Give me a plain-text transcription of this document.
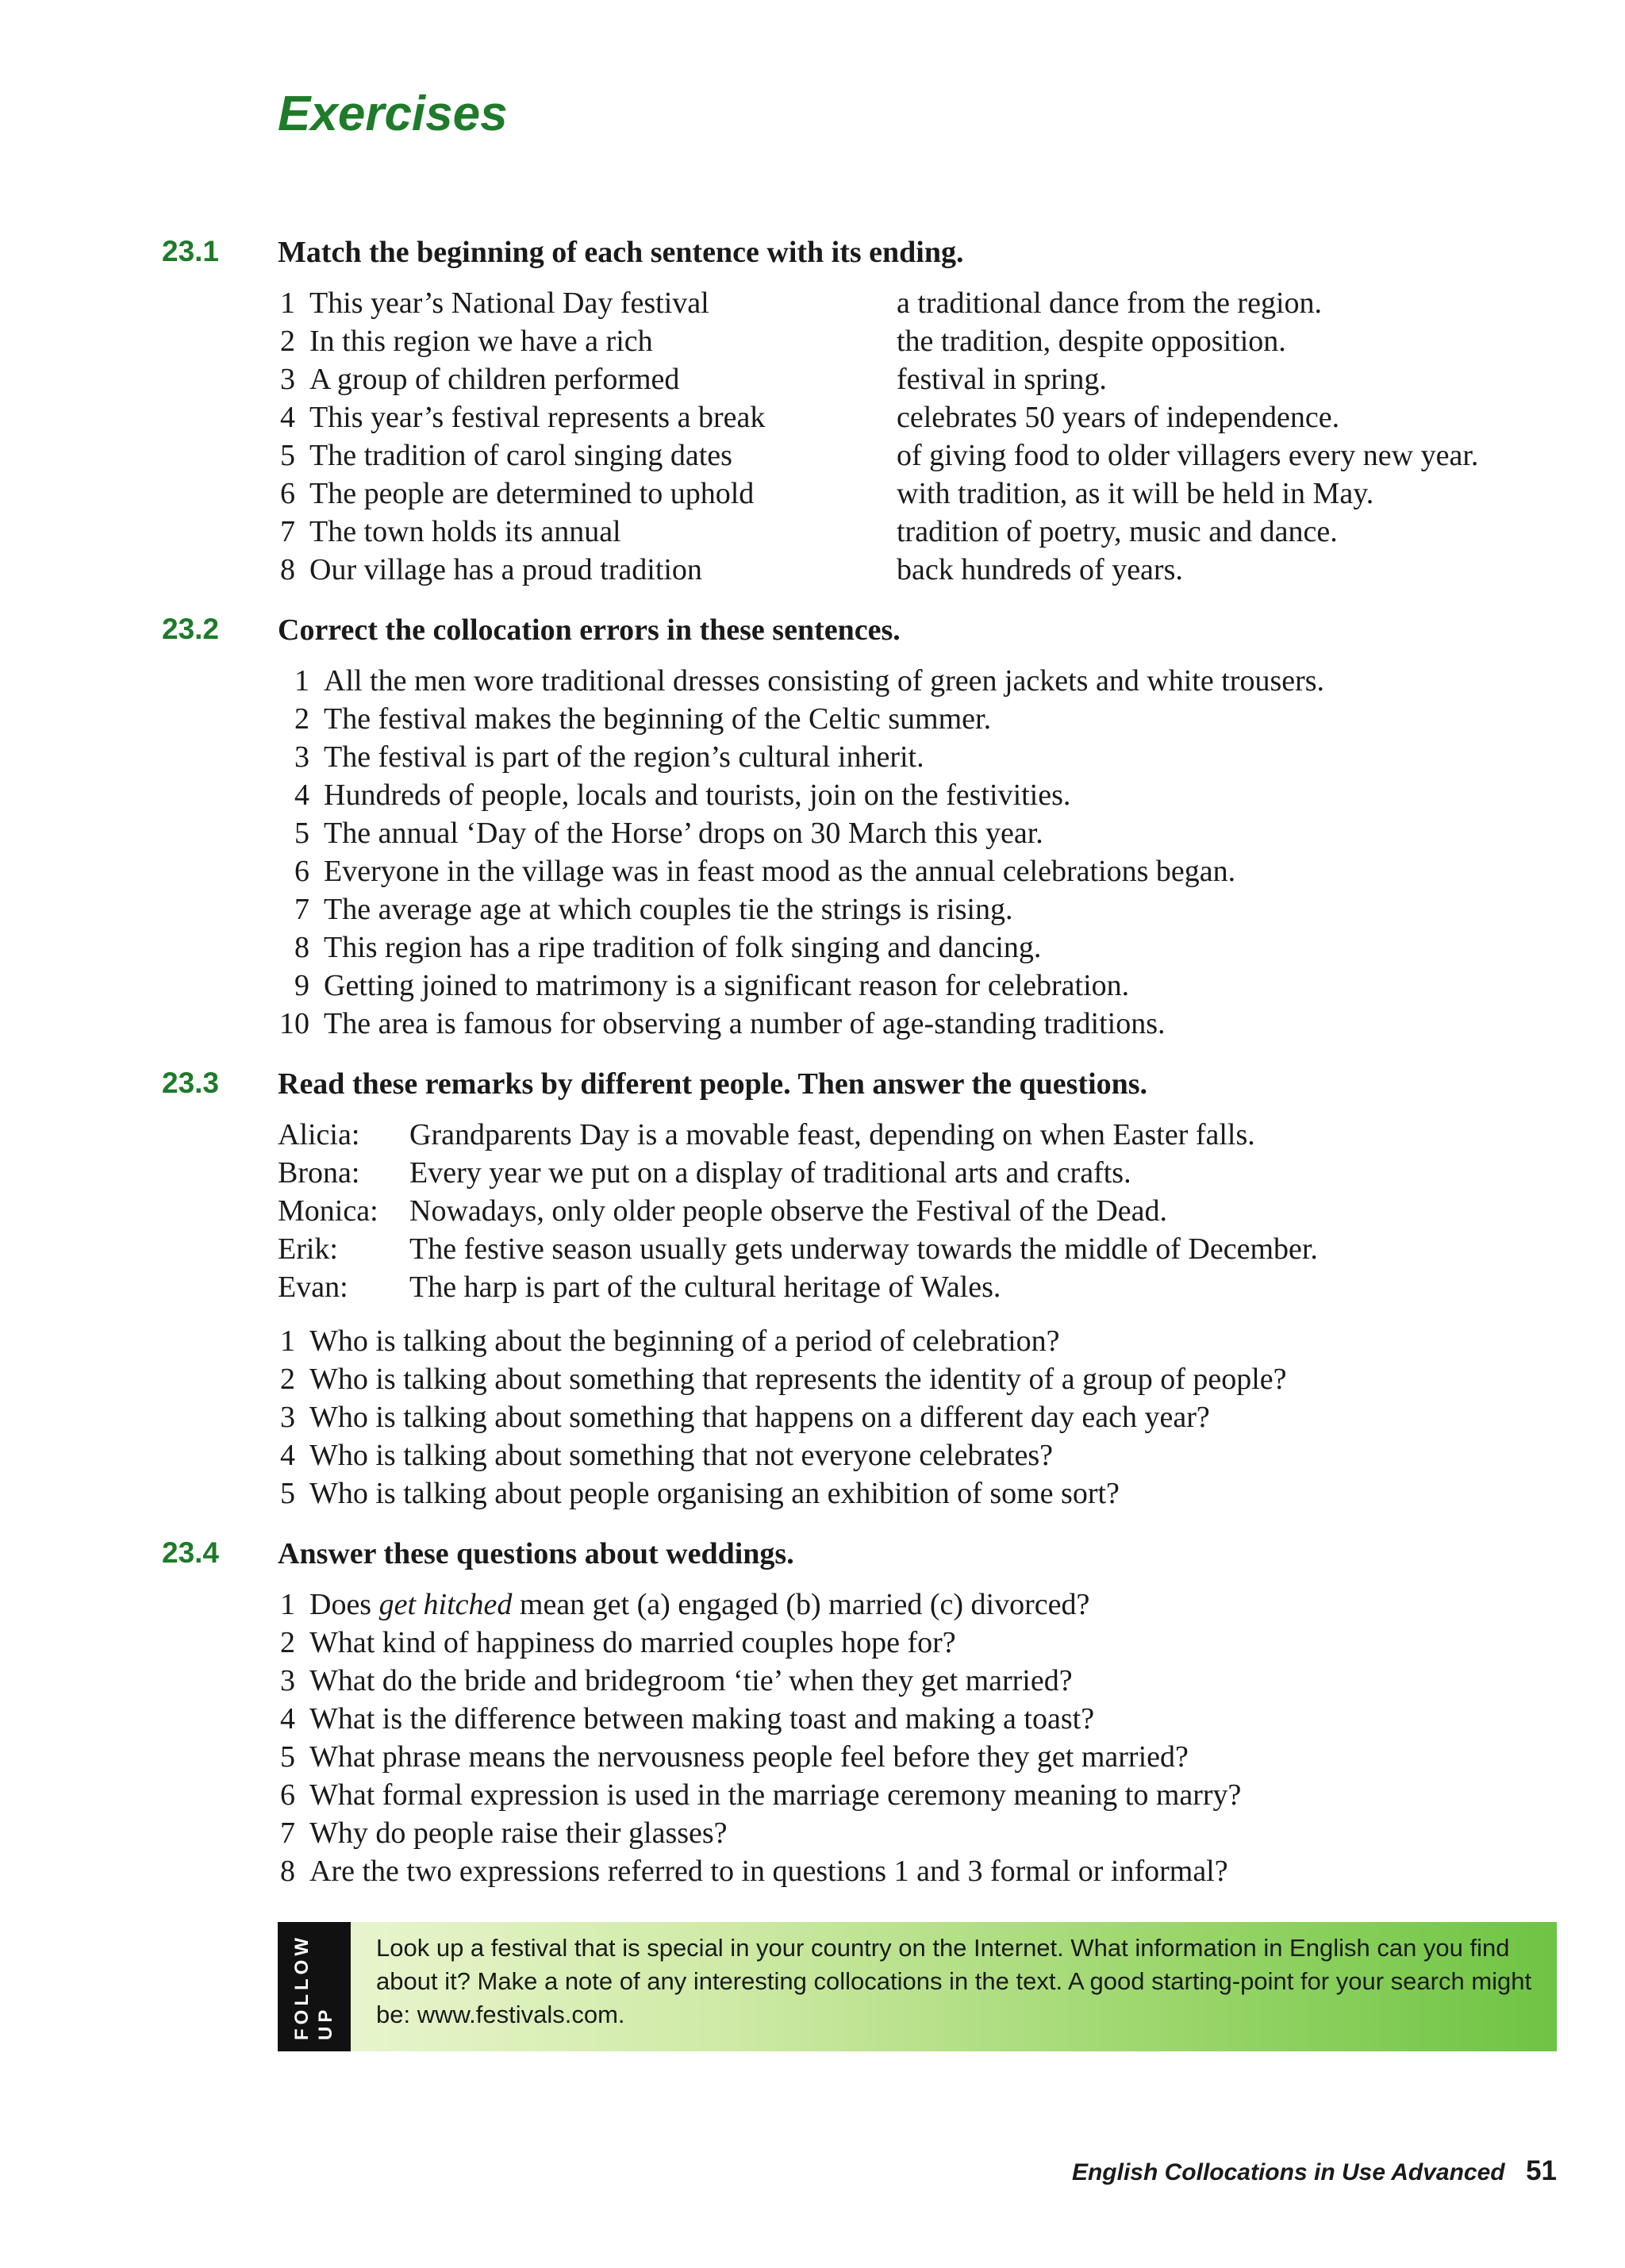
Exercises
23.1 Match the beginning of each sentence with its ending.
1 This year’s National Day festival
2 In this region we have a rich
3 A group of children performed
4 This year’s festival represents a break
5 The tradition of carol singing dates
6 The people are determined to uphold
7 The town holds its annual
8 Our village has a proud tradition
a traditional dance from the region.
the tradition, despite opposition.
festival in spring.
celebrates 50 years of independence.
of giving food to older villagers every new year.
with tradition, as it will be held in May.
tradition of poetry, music and dance.
back hundreds of years.
23.2 Correct the collocation errors in these sentences.
1 All the men wore traditional dresses consisting of green jackets and white trousers.
2 The festival makes the beginning of the Celtic summer.
3 The festival is part of the region’s cultural inherit.
4 Hundreds of people, locals and tourists, join on the festivities.
5 The annual ‘Day of the Horse’ drops on 30 March this year.
6 Everyone in the village was in feast mood as the annual celebrations began.
7 The average age at which couples tie the strings is rising.
8 This region has a ripe tradition of folk singing and dancing.
9 Getting joined to matrimony is a significant reason for celebration.
10 The area is famous for observing a number of age-standing traditions.
23.3 Read these remarks by different people. Then answer the questions.
Alicia: Grandparents Day is a movable feast, depending on when Easter falls.
Brona: Every year we put on a display of traditional arts and crafts.
Monica: Nowadays, only older people observe the Festival of the Dead.
Erik: The festive season usually gets underway towards the middle of December.
Evan: The harp is part of the cultural heritage of Wales.
1 Who is talking about the beginning of a period of celebration?
2 Who is talking about something that represents the identity of a group of people?
3 Who is talking about something that happens on a different day each year?
4 Who is talking about something that not everyone celebrates?
5 Who is talking about people organising an exhibition of some sort?
23.4 Answer these questions about weddings.
1 Does get hitched mean get (a) engaged (b) married (c) divorced?
2 What kind of happiness do married couples hope for?
3 What do the bride and bridegroom ‘tie’ when they get married?
4 What is the difference between making toast and making a toast?
5 What phrase means the nervousness people feel before they get married?
6 What formal expression is used in the marriage ceremony meaning to marry?
7 Why do people raise their glasses?
8 Are the two expressions referred to in questions 1 and 3 formal or informal?
FOLLOW UP
Look up a festival that is special in your country on the Internet. What information in English can you find about it? Make a note of any interesting collocations in the text. A good starting-point for your search might be: www.festivals.com.
English Collocations in Use Advanced 51
